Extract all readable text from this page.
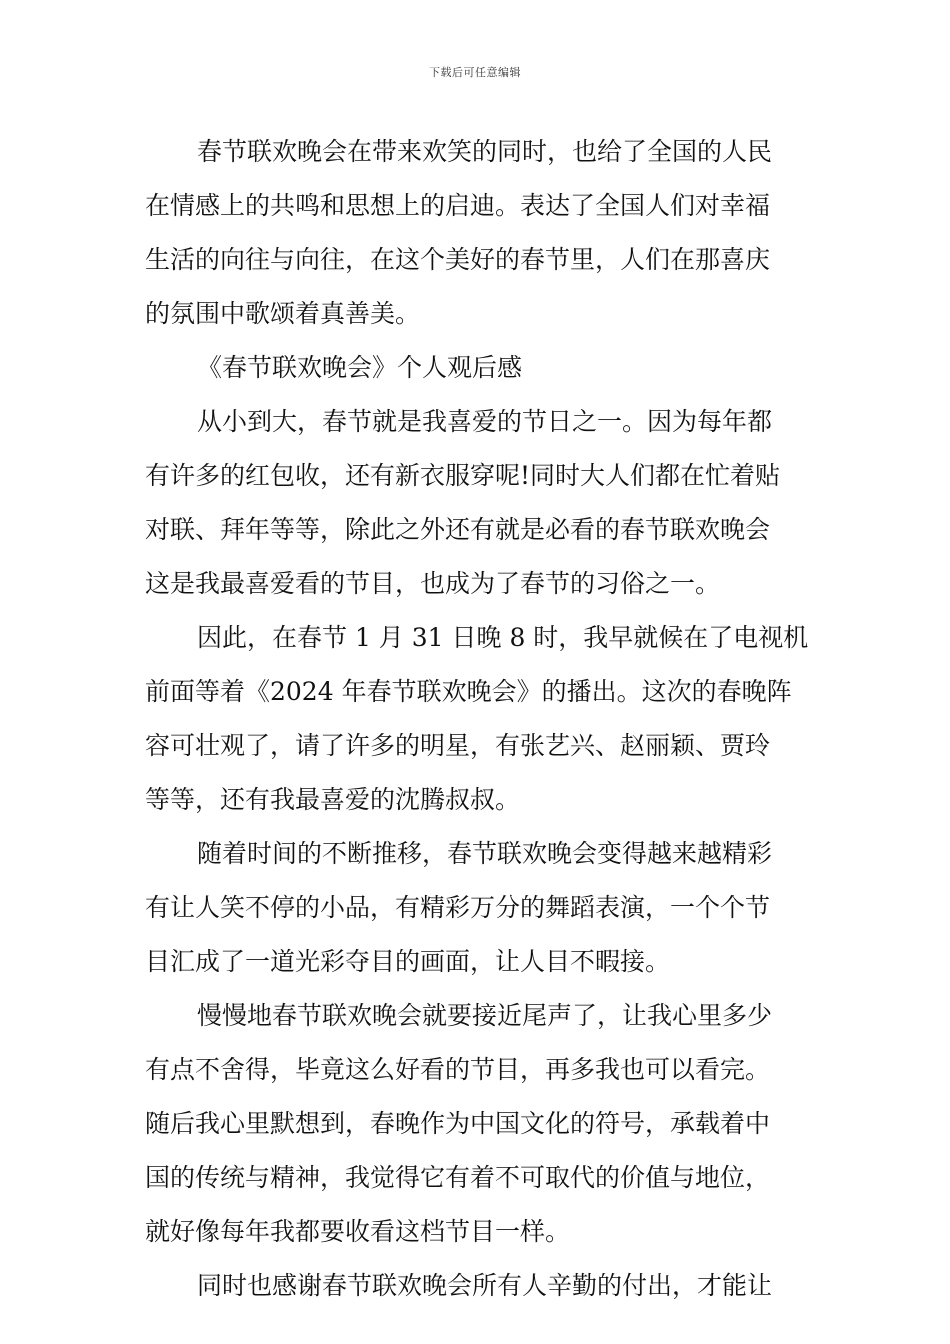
下载后可任意编辑
春节联欢晚会在带来欢笑的同时，也给了全国的人民
在情感上的共鸣和思想上的启迪。表达了全国人们对幸福
生活的向往与向往，在这个美好的春节里，人们在那喜庆
的氛围中歌颂着真善美。
《春节联欢晚会》个人观后感
从小到大，春节就是我喜爱的节日之一。因为每年都
有许多的红包收，还有新衣服穿呢!同时大人们都在忙着贴
对联、拜年等等，除此之外还有就是必看的春节联欢晚会
这是我最喜爱看的节目，也成为了春节的习俗之一。
因此，在春节 1 月 31 日晚 8 时，我早就候在了电视机
前面等着《2024 年春节联欢晚会》的播出。这次的春晚阵
容可壮观了，请了许多的明星，有张艺兴、赵丽颖、贾玲
等等，还有我最喜爱的沈腾叔叔。
随着时间的不断推移，春节联欢晚会变得越来越精彩
有让人笑不停的小品，有精彩万分的舞蹈表演，一个个节
目汇成了一道光彩夺目的画面，让人目不暇接。
慢慢地春节联欢晚会就要接近尾声了，让我心里多少
有点不舍得，毕竟这么好看的节目，再多我也可以看完。
随后我心里默想到，春晚作为中国文化的符号，承载着中
国的传统与精神，我觉得它有着不可取代的价值与地位，
就好像每年我都要收看这档节目一样。
同时也感谢春节联欢晚会所有人辛勤的付出，才能让
